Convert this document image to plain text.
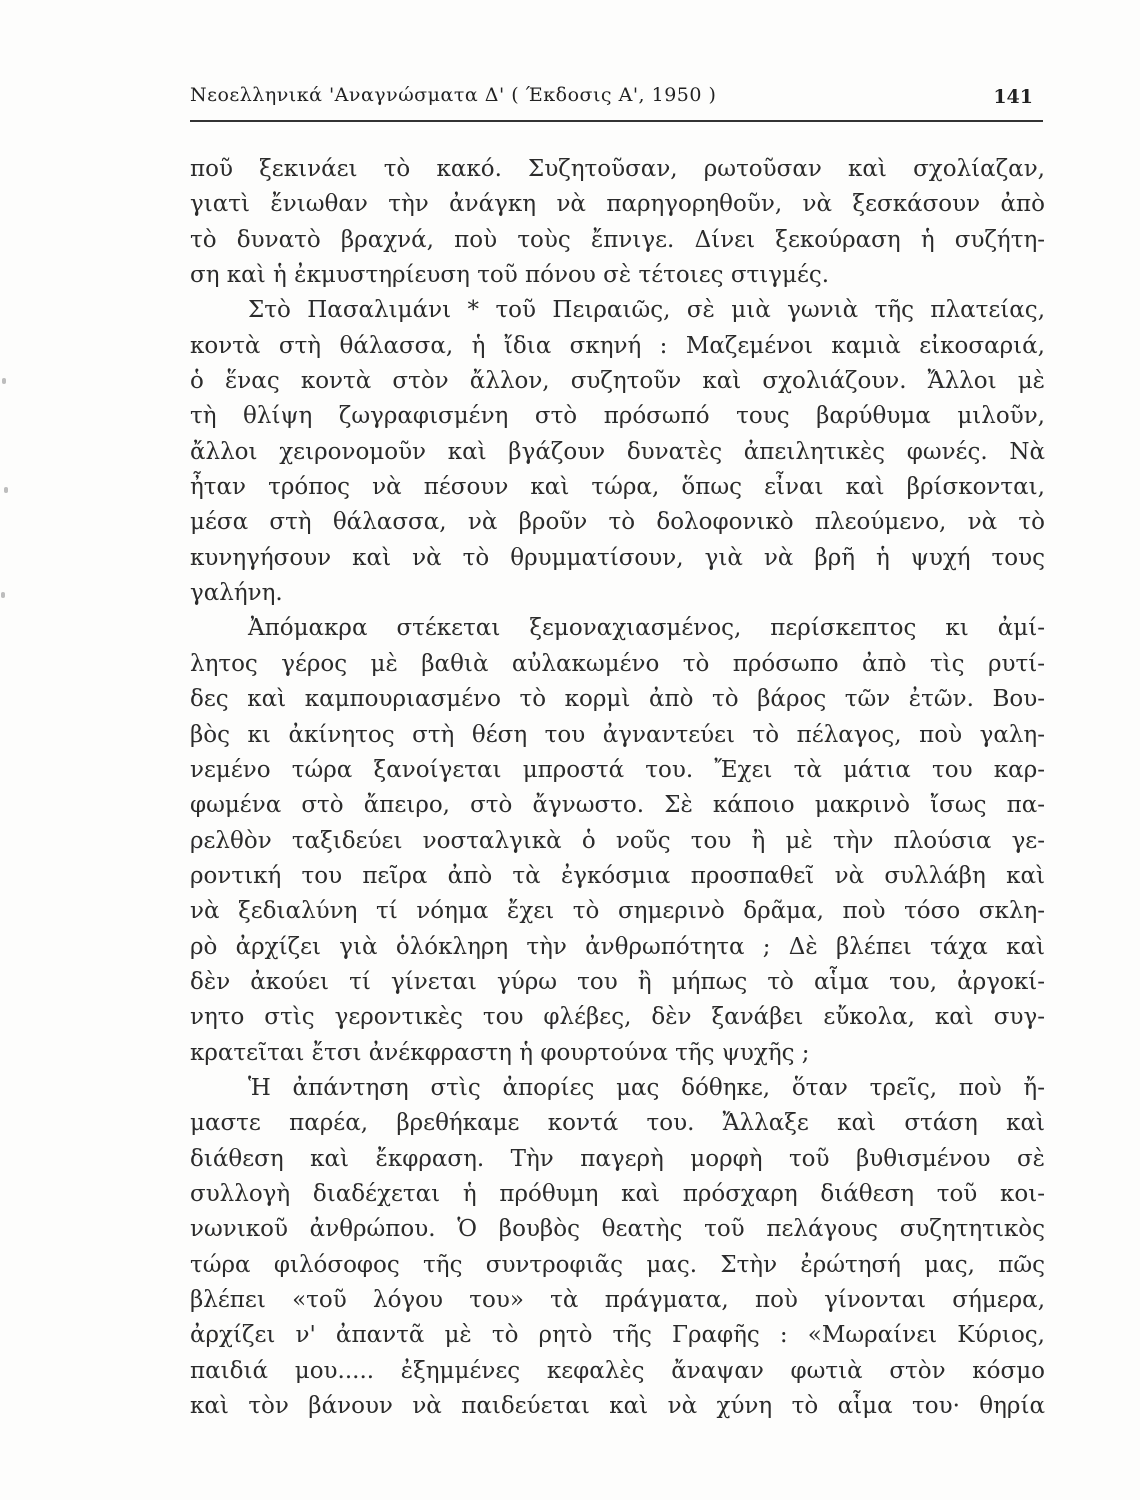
Νεοελληνικά 'Αναγνώσματα Δ' ( Έκδοσις Α', 1950 )	141
ποῦ ξεκινάει τὸ κακό. Συζητοῦσαν, ρωτοῦσαν καὶ σχολίαζαν,
γιατὶ ἔνιωθαν τὴν ἀνάγκη νὰ παρηγορηθοῦν, νὰ ξεσκάσουν ἀπὸ
τὸ δυνατὸ βραχνά, ποὺ τοὺς ἔπνιγε. Δίνει ξεκούραση ἡ συζήτη-
ση καὶ ἡ ἐκμυστηρίευση τοῦ πόνου σὲ τέτοιες στιγμές.
Στὸ Πασαλιμάνι * τοῦ Πειραιῶς, σὲ μιὰ γωνιὰ τῆς πλατείας,
κοντὰ στὴ θάλασσα, ἡ ἴδια σκηνή : Μαζεμένοι καμιὰ εἰκοσαριά,
ὁ ἕνας κοντὰ στὸν ἄλλον, συζητοῦν καὶ σχολιάζουν. Ἄλλοι μὲ
τὴ θλίψη ζωγραφισμένη στὸ πρόσωπό τους βαρύθυμα μιλοῦν,
ἄλλοι χειρονομοῦν καὶ βγάζουν δυνατὲς ἀπειλητικὲς φωνές. Νὰ
ἦταν τρόπος νὰ πέσουν καὶ τώρα, ὅπως εἶναι καὶ βρίσκονται,
μέσα στὴ θάλασσα, νὰ βροῦν τὸ δολοφονικὸ πλεούμενο, νὰ τὸ
κυνηγήσουν καὶ νὰ τὸ θρυμματίσουν, γιὰ νὰ βρῆ ἡ ψυχή τους
γαλήνη.
Ἀπόμακρα στέκεται ξεμοναχιασμένος, περίσκεπτος κι ἀμί-
λητος γέρος μὲ βαθιὰ αὐλακωμένο τὸ πρόσωπο ἀπὸ τὶς ρυτί-
δες καὶ καμπουριασμένο τὸ κορμὶ ἀπὸ τὸ βάρος τῶν ἐτῶν. Βου-
βὸς κι ἀκίνητος στὴ θέση του ἀγναντεύει τὸ πέλαγος, ποὺ γαλη-
νεμένο τώρα ξανοίγεται μπροστά του. Ἔχει τὰ μάτια του καρ-
φωμένα στὸ ἄπειρο, στὸ ἄγνωστο. Σὲ κάποιο μακρινὸ ἴσως πα-
ρελθὸν ταξιδεύει νοσταλγικὰ ὁ νοῦς του ἢ μὲ τὴν πλούσια γε-
ροντική του πεῖρα ἀπὸ τὰ ἐγκόσμια προσπαθεῖ νὰ συλλάβη καὶ
νὰ ξεδιαλύνη τί νόημα ἔχει τὸ σημερινὸ δρᾶμα, ποὺ τόσο σκλη-
ρὸ ἀρχίζει γιὰ ὁλόκληρη τὴν ἀνθρωπότητα ; Δὲ βλέπει τάχα καὶ
δὲν ἀκούει τί γίνεται γύρω του ἢ μήπως τὸ αἷμα του, ἀργοκί-
νητο στὶς γεροντικὲς του φλέβες, δὲν ξανάβει εὔκολα, καὶ συγ-
κρατεῖται ἔτσι ἀνέκφραστη ἡ φουρτούνα τῆς ψυχῆς ;
Ἡ ἀπάντηση στὶς ἀπορίες μας δόθηκε, ὅταν τρεῖς, ποὺ ἤ-
μαστε παρέα, βρεθήκαμε κοντά του. Ἄλλαξε καὶ στάση καὶ
διάθεση καὶ ἔκφραση. Τὴν παγερὴ μορφὴ τοῦ βυθισμένου σὲ
συλλογὴ διαδέχεται ἡ πρόθυμη καὶ πρόσχαρη διάθεση τοῦ κοι-
νωνικοῦ ἀνθρώπου. Ὁ βουβὸς θεατὴς τοῦ πελάγους συζητητικὸς
τώρα φιλόσοφος τῆς συντροφιᾶς μας. Στὴν ἐρώτησή μας, πῶς
βλέπει «τοῦ λόγου του» τὰ πράγματα, ποὺ γίνονται σήμερα,
ἀρχίζει ν' ἀπαντᾶ μὲ τὸ ρητὸ τῆς Γραφῆς : «Μωραίνει Κύριος,
παιδιά μου..... ἐξημμένες κεφαλὲς ἄναψαν φωτιὰ στὸν κόσμο
καὶ τὸν βάνουν νὰ παιδεύεται καὶ νὰ χύνη τὸ αἷμα του· θηρία
